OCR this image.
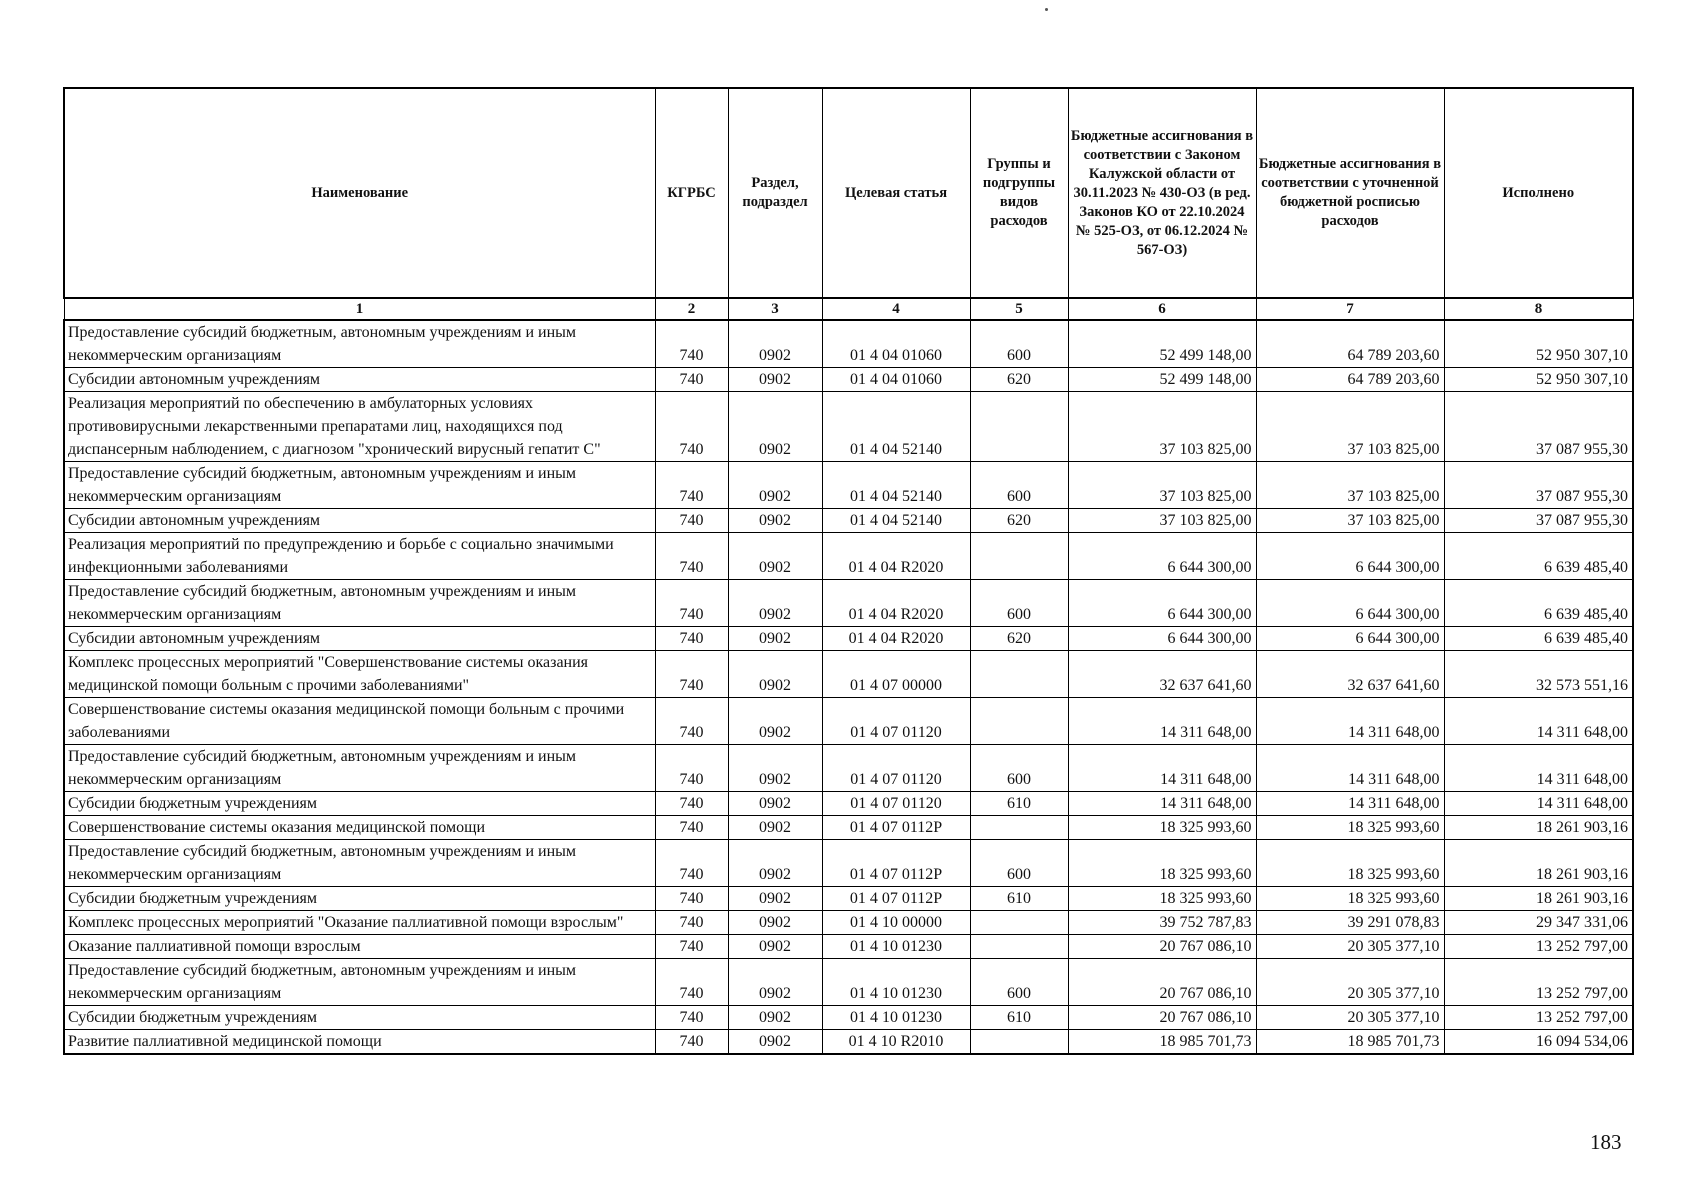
Наименование	КГРБС	Раздел, подраздел	Целевая статья	Группы и подгруппы видов расходов	Бюджетные ассигнования в соответствии с Законом Калужской области от 30.11.2023 № 430-ОЗ (в ред. Законов КО от 22.10.2024 № 525-ОЗ, от 06.12.2024 № 567-ОЗ)	Бюджетные ассигнования в соответствии с уточненной бюджетной росписью расходов	Исполнено
1	2	3	4	5	6	7	8
Предоставление субсидий бюджетным, автономным учреждениям и иным некоммерческим организациям	740	0902	01 4 04 01060	600	52 499 148,00	64 789 203,60	52 950 307,10
Субсидии автономным учреждениям	740	0902	01 4 04 01060	620	52 499 148,00	64 789 203,60	52 950 307,10
Реализация мероприятий по обеспечению в амбулаторных условиях противовирусными лекарственными препаратами лиц, находящихся под диспансерным наблюдением, с диагнозом "хронический вирусный гепатит С"	740	0902	01 4 04 52140		37 103 825,00	37 103 825,00	37 087 955,30
Предоставление субсидий бюджетным, автономным учреждениям и иным некоммерческим организациям	740	0902	01 4 04 52140	600	37 103 825,00	37 103 825,00	37 087 955,30
Субсидии автономным учреждениям	740	0902	01 4 04 52140	620	37 103 825,00	37 103 825,00	37 087 955,30
Реализация мероприятий по предупреждению и борьбе с социально значимыми инфекционными заболеваниями	740	0902	01 4 04 R2020		6 644 300,00	6 644 300,00	6 639 485,40
Предоставление субсидий бюджетным, автономным учреждениям и иным некоммерческим организациям	740	0902	01 4 04 R2020	600	6 644 300,00	6 644 300,00	6 639 485,40
Субсидии автономным учреждениям	740	0902	01 4 04 R2020	620	6 644 300,00	6 644 300,00	6 639 485,40
Комплекс процессных мероприятий "Совершенствование системы оказания медицинской помощи больным с прочими заболеваниями"	740	0902	01 4 07 00000		32 637 641,60	32 637 641,60	32 573 551,16
Совершенствование системы оказания медицинской помощи больным с прочими заболеваниями	740	0902	01 4 07 01120		14 311 648,00	14 311 648,00	14 311 648,00
Предоставление субсидий бюджетным, автономным учреждениям и иным некоммерческим организациям	740	0902	01 4 07 01120	600	14 311 648,00	14 311 648,00	14 311 648,00
Субсидии бюджетным учреждениям	740	0902	01 4 07 01120	610	14 311 648,00	14 311 648,00	14 311 648,00
Совершенствование системы оказания медицинской помощи	740	0902	01 4 07 0112Р		18 325 993,60	18 325 993,60	18 261 903,16
Предоставление субсидий бюджетным, автономным учреждениям и иным некоммерческим организациям	740	0902	01 4 07 0112Р	600	18 325 993,60	18 325 993,60	18 261 903,16
Субсидии бюджетным учреждениям	740	0902	01 4 07 0112Р	610	18 325 993,60	18 325 993,60	18 261 903,16
Комплекс процессных мероприятий "Оказание паллиативной помощи взрослым"	740	0902	01 4 10 00000		39 752 787,83	39 291 078,83	29 347 331,06
Оказание паллиативной помощи взрослым	740	0902	01 4 10 01230		20 767 086,10	20 305 377,10	13 252 797,00
Предоставление субсидий бюджетным, автономным учреждениям и иным некоммерческим организациям	740	0902	01 4 10 01230	600	20 767 086,10	20 305 377,10	13 252 797,00
Субсидии бюджетным учреждениям	740	0902	01 4 10 01230	610	20 767 086,10	20 305 377,10	13 252 797,00
Развитие паллиативной медицинской помощи	740	0902	01 4 10 R2010		18 985 701,73	18 985 701,73	16 094 534,06
183
